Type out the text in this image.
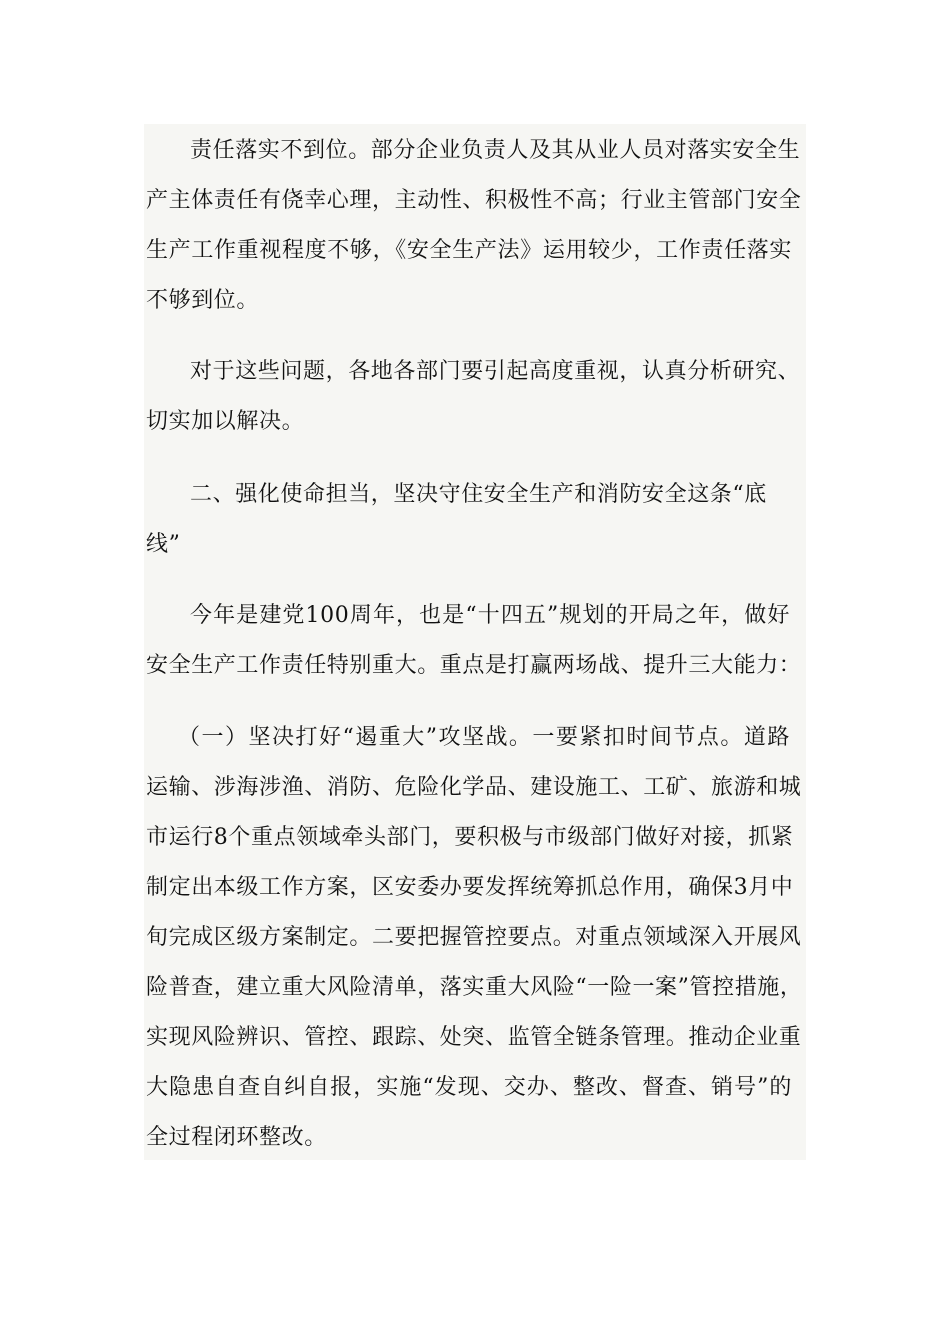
责任落实不到位。部分企业负责人及其从业人员对落实安全生
产主体责任有侥幸心理，主动性、积极性不高；行业主管部门安全
生产工作重视程度不够，《安全生产法》运用较少，工作责任落实
不够到位。
对于这些问题，各地各部门要引起高度重视，认真分析研究、
切实加以解决。
二、强化使命担当，坚决守住安全生产和消防安全这条“底
线”
今年是建党100周年，也是“十四五”规划的开局之年，做好
安全生产工作责任特别重大。重点是打赢两场战、提升三大能力：
（一）坚决打好“遏重大”攻坚战。一要紧扣时间节点。道路
运输、涉海涉渔、消防、危险化学品、建设施工、工矿、旅游和城
市运行8个重点领域牵头部门，要积极与市级部门做好对接，抓紧
制定出本级工作方案，区安委办要发挥统筹抓总作用，确保3月中
旬完成区级方案制定。二要把握管控要点。对重点领域深入开展风
险普查，建立重大风险清单，落实重大风险“一险一案”管控措施，
实现风险辨识、管控、跟踪、处突、监管全链条管理。推动企业重
大隐患自查自纠自报，实施“发现、交办、整改、督查、销号”的
全过程闭环整改。
